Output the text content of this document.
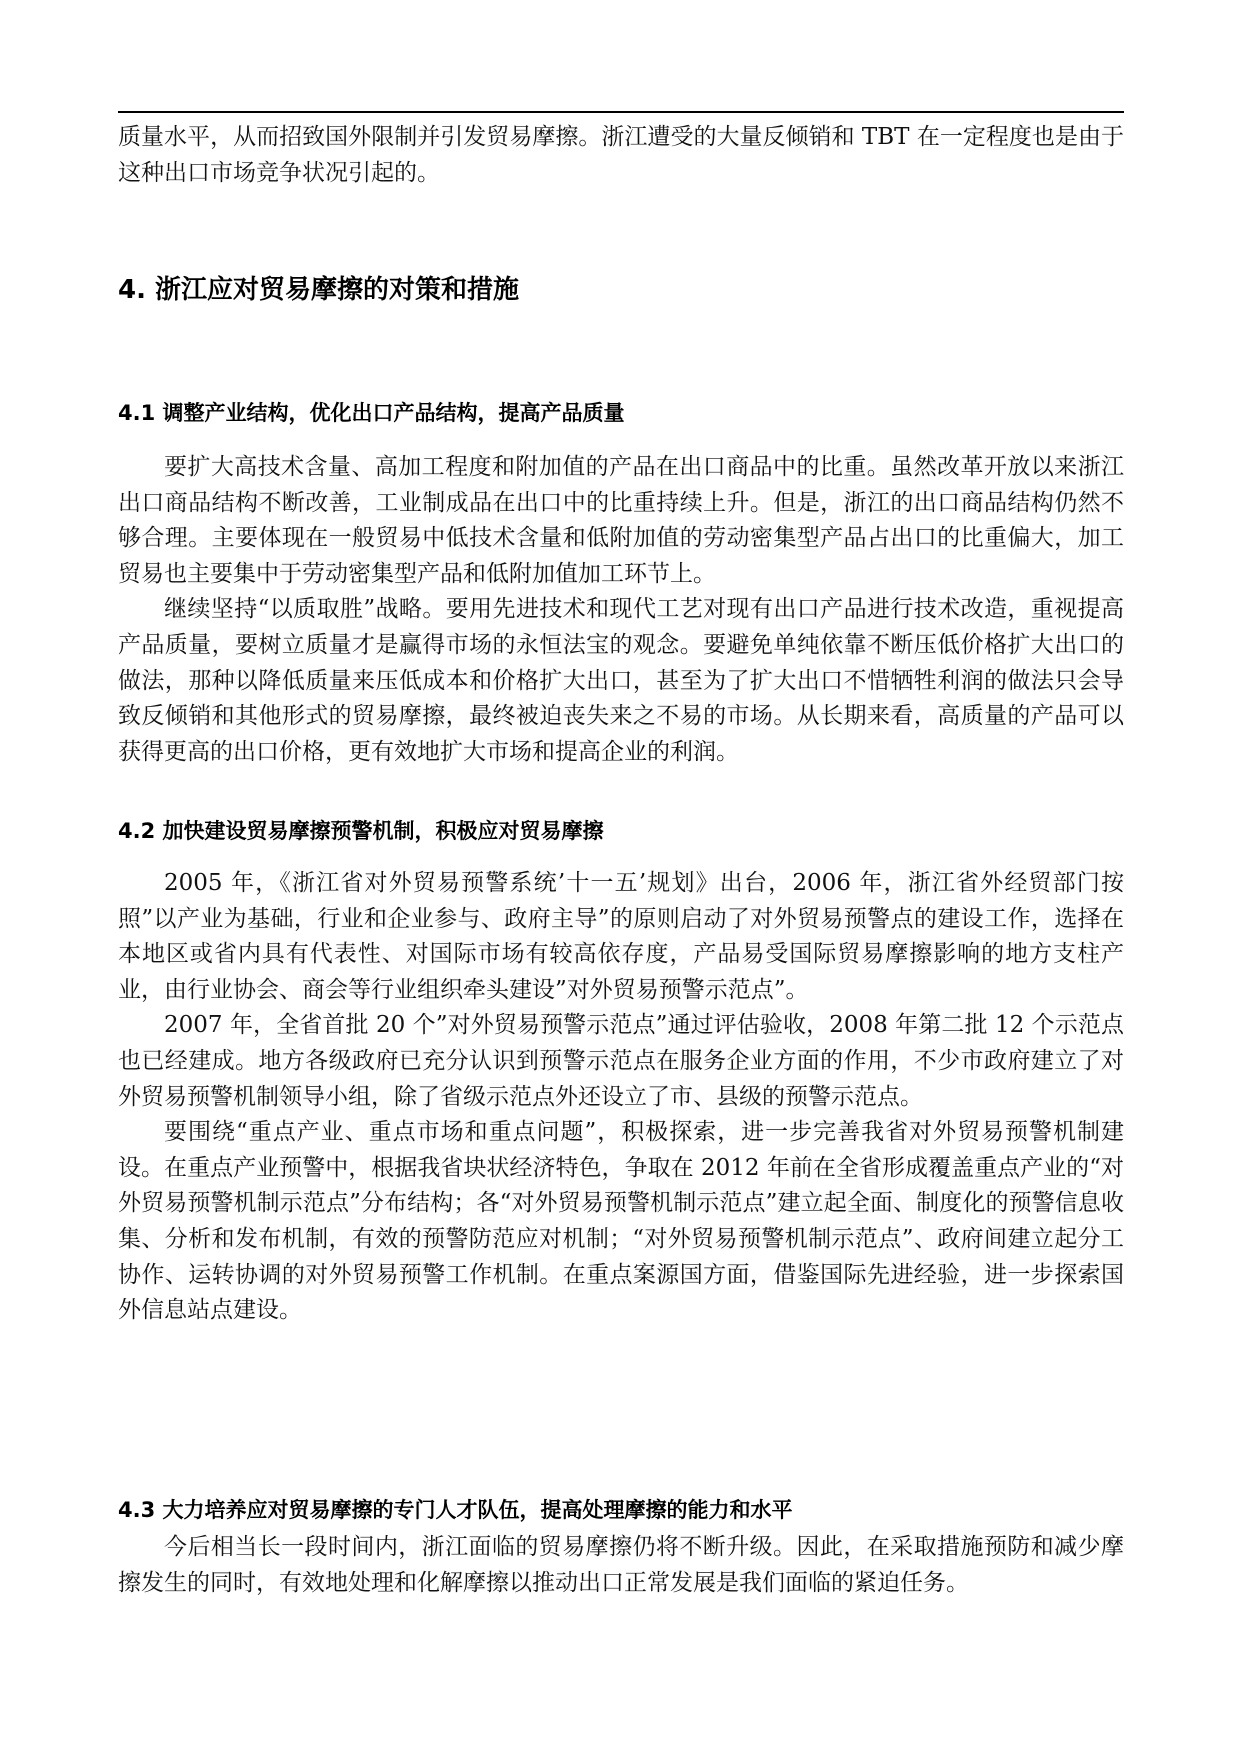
质量水平，从而招致国外限制并引发贸易摩擦。浙江遭受的大量反倾销和 TBT 在一定程度也是由于这种出口市场竞争状况引起的。

4. 浙江应对贸易摩擦的对策和措施
4.1 调整产业结构，优化出口产品结构，提高产品质量

要扩大高技术含量、高加工程度和附加值的产品在出口商品中的比重。虽然改革开放以来浙江出口商品结构不断改善，工业制成品在出口中的比重持续上升。但是，浙江的出口商品结构仍然不够合理。主要体现在一般贸易中低技术含量和低附加值的劳动密集型产品占出口的比重偏大，加工贸易也主要集中于劳动密集型产品和低附加值加工环节上。

继续坚持“以质取胜”战略。要用先进技术和现代工艺对现有出口产品进行技术改造，重视提高产品质量，要树立质量才是赢得市场的永恒法宝的观念。要避免单纯依靠不断压低价格扩大出口的做法，那种以降低质量来压低成本和价格扩大出口，甚至为了扩大出口不惜牺牲利润的做法只会导致反倾销和其他形式的贸易摩擦，最终被迫丧失来之不易的市场。从长期来看，高质量的产品可以获得更高的出口价格，更有效地扩大市场和提高企业的利润。

4.2 加快建设贸易摩擦预警机制，积极应对贸易摩擦

2005 年，《浙江省对外贸易预警系统’十一五’规划》出台，2006 年，浙江省外经贸部门按照”以产业为基础，行业和企业参与、政府主导”的原则启动了对外贸易预警点的建设工作，选择在本地区或省内具有代表性、对国际市场有较高依存度，产品易受国际贸易摩擦影响的地方支柱产业，由行业协会、商会等行业组织牵头建设”对外贸易预警示范点”。

2007 年，全省首批 20 个”对外贸易预警示范点”通过评估验收，2008 年第二批 12 个示范点也已经建成。地方各级政府已充分认识到预警示范点在服务企业方面的作用，不少市政府建立了对外贸易预警机制领导小组，除了省级示范点外还设立了市、县级的预警示范点。

要围绕“重点产业、重点市场和重点问题”，积极探索，进一步完善我省对外贸易预警机制建设。在重点产业预警中，根据我省块状经济特色，争取在 2012 年前在全省形成覆盖重点产业的“对外贸易预警机制示范点”分布结构；各“对外贸易预警机制示范点”建立起全面、制度化的预警信息收集、分析和发布机制，有效的预警防范应对机制；“对外贸易预警机制示范点”、政府间建立起分工协作、运转协调的对外贸易预警工作机制。在重点案源国方面，借鉴国际先进经验，进一步探索国外信息站点建设。

4.3 大力培养应对贸易摩擦的专门人才队伍，提高处理摩擦的能力和水平

今后相当长一段时间内，浙江面临的贸易摩擦仍将不断升级。因此，在采取措施预防和减少摩擦发生的同时，有效地处理和化解摩擦以推动出口正常发展是我们面临的紧迫任务。
